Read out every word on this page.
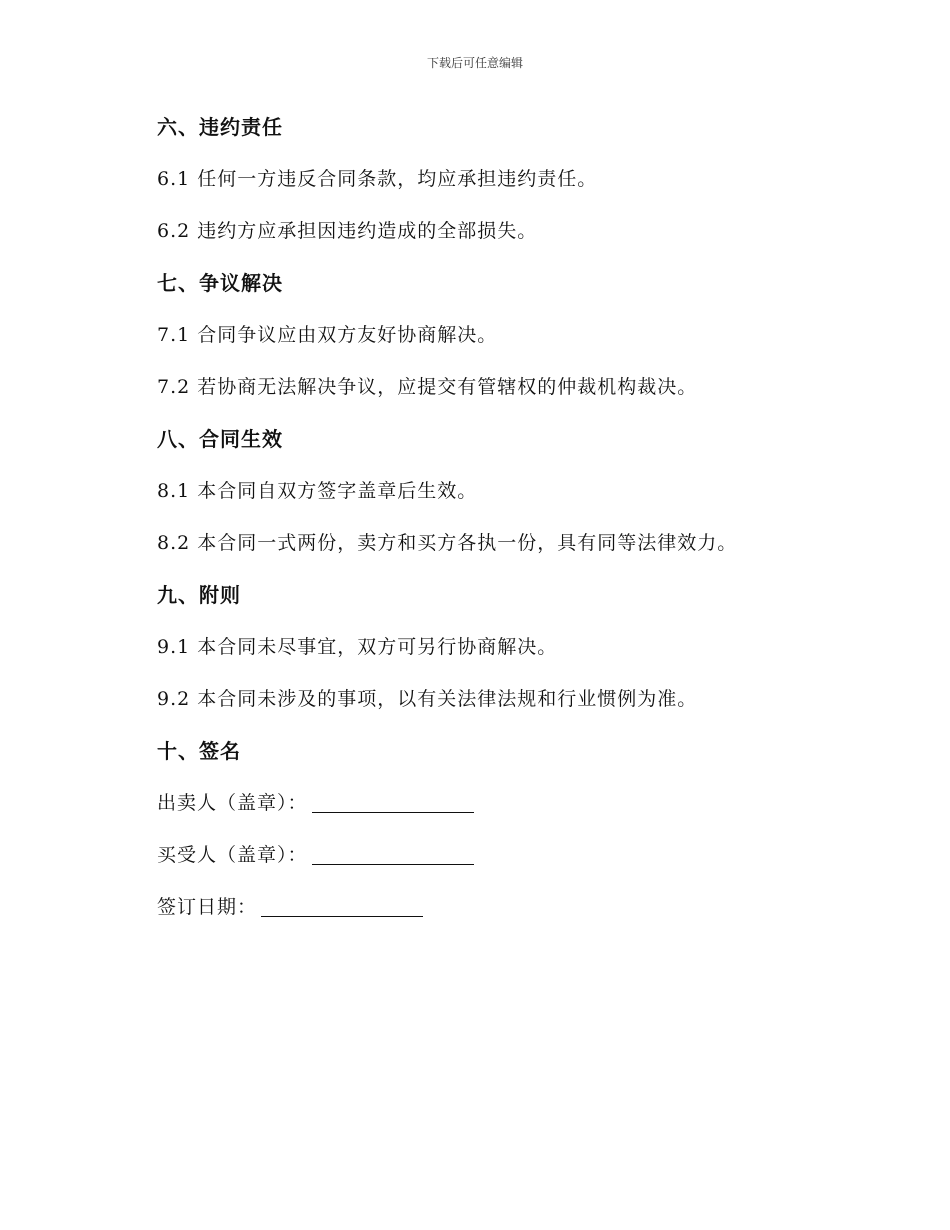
下载后可任意编辑
六、违约责任
6.1 任何一方违反合同条款，均应承担违约责任。
6.2 违约方应承担因违约造成的全部损失。
七、争议解决
7.1 合同争议应由双方友好协商解决。
7.2 若协商无法解决争议，应提交有管辖权的仲裁机构裁决。
八、合同生效
8.1 本合同自双方签字盖章后生效。
8.2 本合同一式两份，卖方和买方各执一份，具有同等法律效力。
九、附则
9.1 本合同未尽事宜，双方可另行协商解决。
9.2 本合同未涉及的事项，以有关法律法规和行业惯例为准。
十、签名
出卖人（盖章）：
买受人（盖章）：
签订日期：
